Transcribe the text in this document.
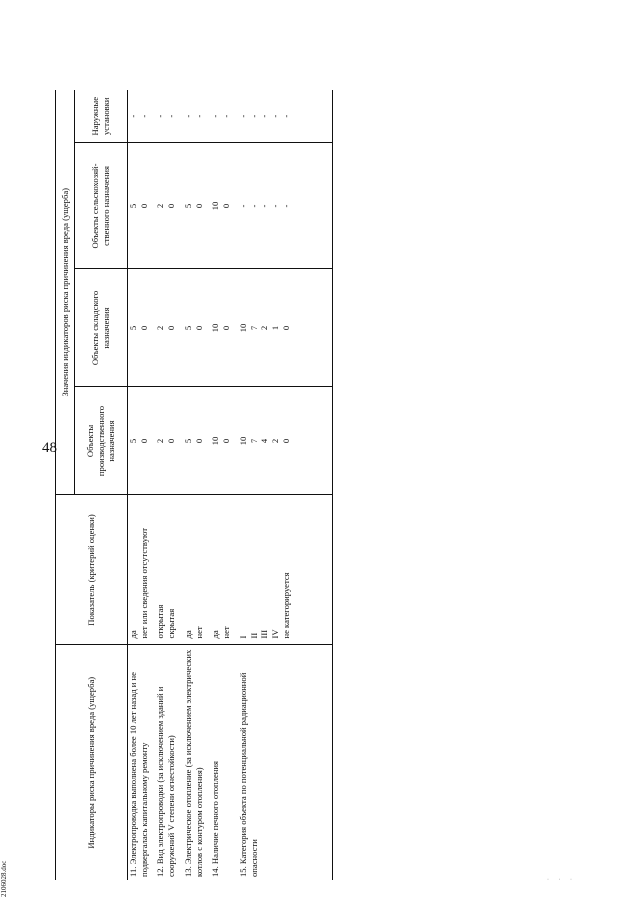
48
Индикаторы риска причинения вреда (ущерба)	Показатель (критерий оценки)	Значения индикаторов риска причинения вреда (ущерба)			
		Объекты производственного назначения	Объекты складского назначения	Объекты сельскохозяй-ственного назначения	Наружные установки
11. Электропроводка выполнена более 10 лет назад и не подвергалась капитальному ремонту	да	5	5	5	-
	нет или сведения отсутствуют	0	0	0	-

12. Вид электропроводки (за исключением зданий и сооружений V степени огнестойкости)	открытая	2	2	2	-
	скрытая	0	0	0	-

13. Электрическое отопление (за исключением электрических котлов с контуром отопления)	да	5	5	5	-
	нет	0	0	0	-

14. Наличие печного отопления	да	10	10	10	-
	нет	0	0	0	-

15. Категория объекта по потенциальной радиационной опасности	I	10	10	-	-
	II	7	7	-	-
	III	4	2	-	-
	IV	2	1	-	-
	не категорируется	0	0	-	-

· · ·
2106028.doc
